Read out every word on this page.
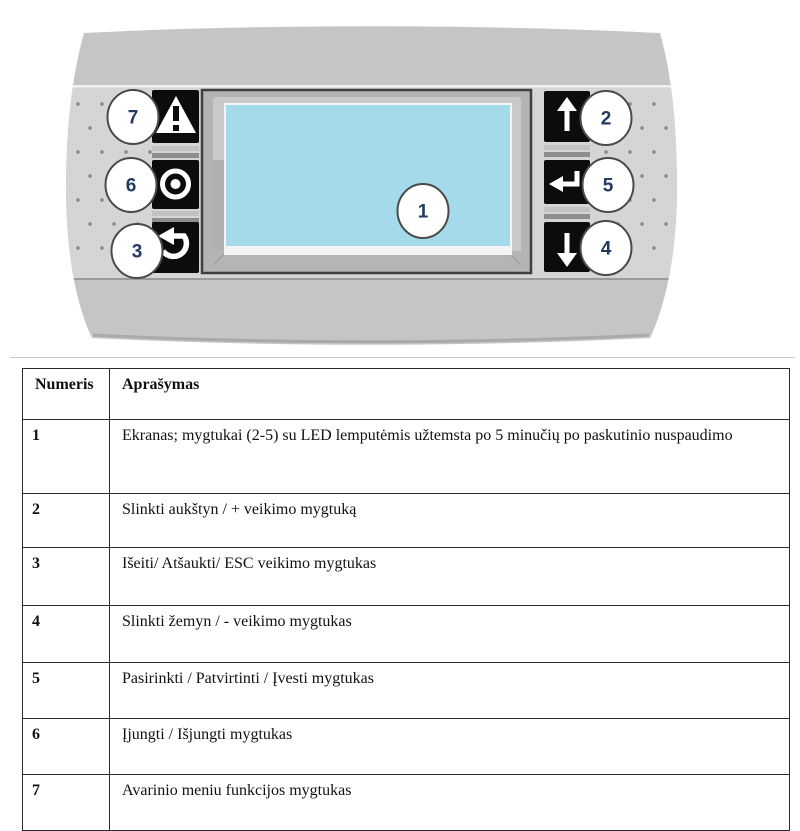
1
2
3	4
5
6
7
Numeris	Aprašymas
1	Ekranas; mygtukai (2-5) su LED lemputėmis užtemsta po 5 minučių po paskutinio nuspaudimo
2	Slinkti aukštyn / + veikimo mygtuką
3	Išeiti/ Atšaukti/ ESC veikimo mygtukas
4	Slinkti žemyn / - veikimo mygtukas
5	Pasirinkti / Patvirtinti / Įvesti mygtukas
6	Įjungti / Išjungti mygtukas
7	Avarinio meniu funkcijos mygtukas
